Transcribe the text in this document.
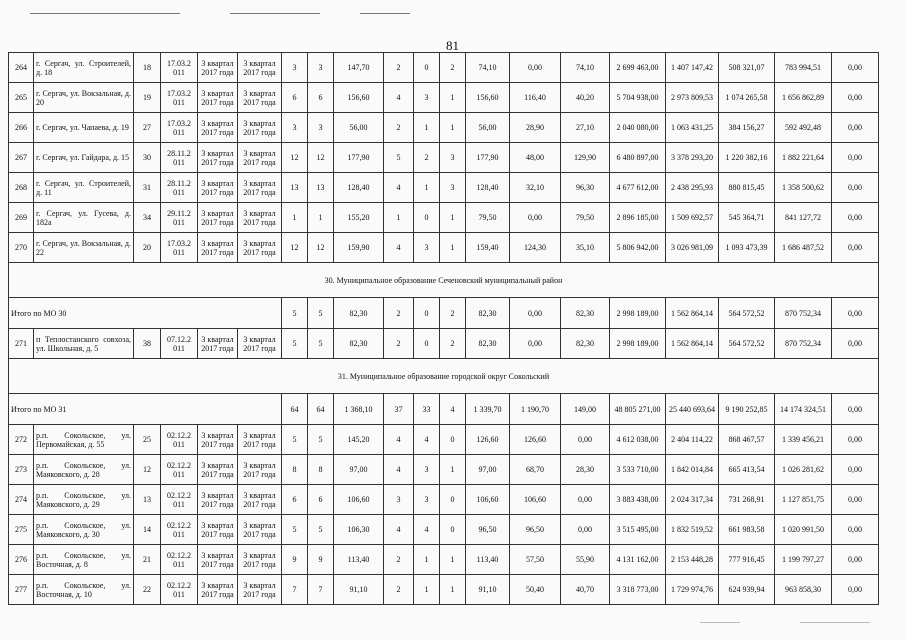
81
264	г. Сергач, ул. Строителей, д. 18	18	17.03.2 011	3 квартал 2017 года	3 квартал 2017 года	3	3	147,70	2	0	2	74,10	0,00	74,10	2 699 463,00	1 407 147,42	508 321,07	783 994,51	0,00
265	г. Сергач, ул. Вокзальная, д. 20	19	17.03.2 011	3 квартал 2017 года	3 квартал 2017 года	6	6	156,60	4	3	1	156,60	116,40	40,20	5 704 938,00	2 973 809,53	1 074 265,58	1 656 862,89	0,00
266	г. Сергач, ул. Чапаева, д. 19	27	17.03.2 011	3 квартал 2017 года	3 квартал 2017 года	3	3	56,00	2	1	1	56,00	28,90	27,10	2 040 080,00	1 063 431,25	384 156,27	592 492,48	0,00
267	г. Сергач, ул. Гайдара, д. 15	30	28.11.2 011	3 квартал 2017 года	3 квартал 2017 года	12	12	177,90	5	2	3	177,90	48,00	129,90	6 480 897,00	3 378 293,20	1 220 382,16	1 882 221,64	0,00
268	г. Сергач, ул. Строителей, д. 11	31	28.11.2 011	3 квартал 2017 года	3 квартал 2017 года	13	13	128,40	4	1	3	128,40	32,10	96,30	4 677 612,00	2 438 295,93	880 815,45	1 358 500,62	0,00
269	г. Сергач, ул. Гусева, д. 182а	34	29.11.2 011	3 квартал 2017 года	3 квартал 2017 года	1	1	155,20	1	0	1	79,50	0,00	79,50	2 896 185,00	1 509 692,57	545 364,71	841 127,72	0,00
270	г. Сергач, ул. Вокзальная, д. 22	20	17.03.2 011	3 квартал 2017 года	3 квартал 2017 года	12	12	159,90	4	3	1	159,40	124,30	35,10	5 806 942,00	3 026 981,09	1 093 473,39	1 686 487,52	0,00
30. Муниципальное образование Сеченовский муниципальный район																			
Итого по МО 30						5	5	82,30	2	0	2	82,30	0,00	82,30	2 998 189,00	1 562 864,14	564 572,52	870 752,34	0,00
271	п Теплостанского совхоза, ул. Школьная, д. 5	38	07.12.2 011	3 квартал 2017 года	3 квартал 2017 года	5	5	82,30	2	0	2	82,30	0,00	82,30	2 998 189,00	1 562 864,14	564 572,52	870 752,34	0,00
31. Муниципальное образование городской округ Сокольский																			
Итого по МО 31						64	64	1 368,10	37	33	4	1 339,70	1 190,70	149,00	48 805 271,00	25 440 693,64	9 190 252,85	14 174 324,51	0,00
272	р.п. Сокольское, ул. Первомайская, д. 55	25	02.12.2 011	3 квартал 2017 года	3 квартал 2017 года	5	5	145,20	4	4	0	126,60	126,60	0,00	4 612 038,00	2 404 114,22	868 467,57	1 339 456,21	0,00
273	р.п. Сокольское, ул. Маяковского, д. 28	12	02.12.2 011	3 квартал 2017 года	3 квартал 2017 года	8	8	97,00	4	3	1	97,00	68,70	28,30	3 533 710,00	1 842 014,84	665 413,54	1 026 281,62	0,00
274	р.п. Сокольское, ул. Маяковского, д. 29	13	02.12.2 011	3 квартал 2017 года	3 квартал 2017 года	6	6	106,60	3	3	0	106,60	106,60	0,00	3 883 438,00	2 024 317,34	731 268,91	1 127 851,75	0,00
275	р.п. Сокольское, ул. Маяковского, д. 30	14	02.12.2 011	3 квартал 2017 года	3 квартал 2017 года	5	5	106,30	4	4	0	96,50	96,50	0,00	3 515 495,00	1 832 519,52	661 983,58	1 020 991,50	0,00
276	р.п. Сокольское, ул. Восточная, д. 8	21	02.12.2 011	3 квартал 2017 года	3 квартал 2017 года	9	9	113,40	2	1	1	113,40	57,50	55,90	4 131 162,00	2 153 448,28	777 916,45	1 199 797,27	0,00
277	р.п. Сокольское, ул. Восточная, д. 10	22	02.12.2 011	3 квартал 2017 года	3 квартал 2017 года	7	7	91,10	2	1	1	91,10	50,40	40,70	3 318 773,00	1 729 974,76	624 939,94	963 858,30	0,00
